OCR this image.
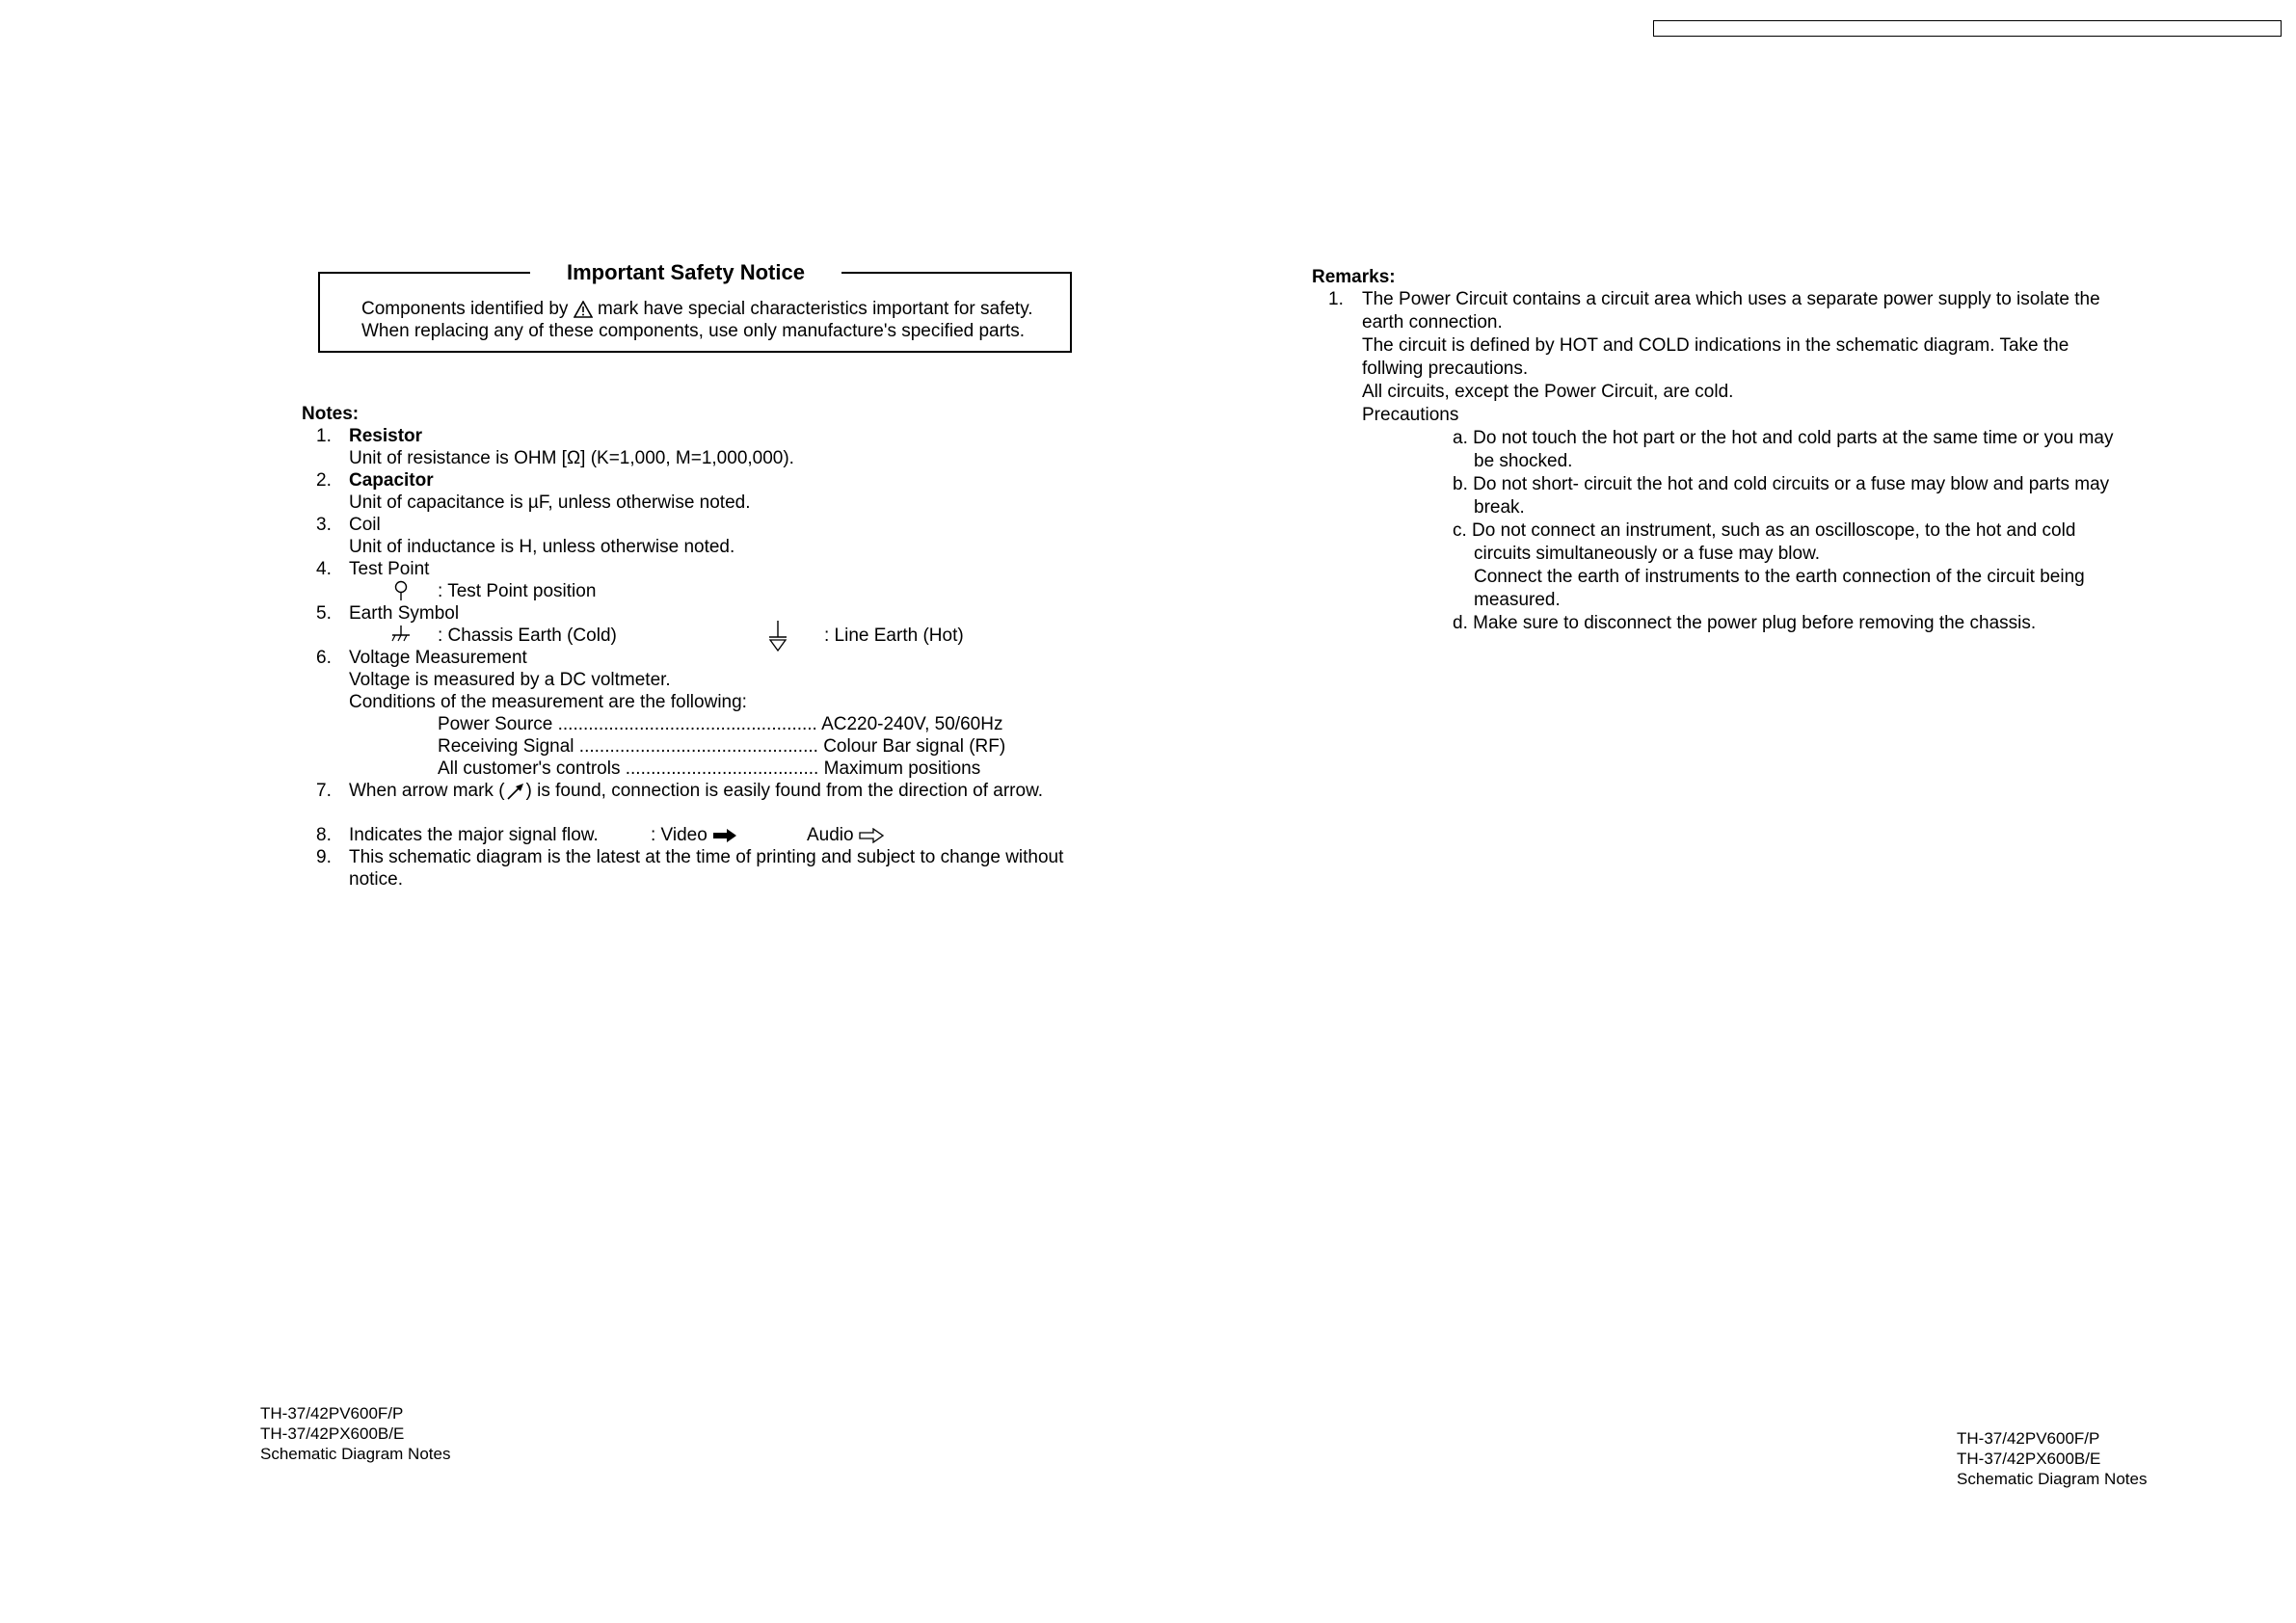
Important Safety Notice
Components identified by mark have special characteristics important for safety.
When replacing any of these components, use only manufacture's specified parts.
Notes:
1. Resistor
Unit of resistance is OHM [Ω] (K=1,000, M=1,000,000).
2. Capacitor
Unit of capacitance is µF, unless otherwise noted.
3. Coil
Unit of inductance is H, unless otherwise noted.
4. Test Point
: Test Point position
5. Earth Symbol
: Chassis Earth (Cold)	: Line Earth (Hot)
6. Voltage Measurement
Voltage is measured by a DC voltmeter.
Conditions of the measurement are the following:
Power Source ................................................... AC220-240V, 50/60Hz
Receiving Signal ............................................... Colour Bar signal (RF)
All customer's controls ...................................... Maximum positions
7. When arrow mark ( ) is found, connection is easily found from the direction of arrow.
8. Indicates the major signal flow.	: Video	Audio
9. This schematic diagram is the latest at the time of printing and subject to change without
notice.
Remarks:
1. The Power Circuit contains a circuit area which uses a separate power supply to isolate the
earth connection.
The circuit is defined by HOT and COLD indications in the schematic diagram. Take the
follwing precautions.
All circuits, except the Power Circuit, are cold.
Precautions
a. Do not touch the hot part or the hot and cold parts at the same time or you may
be shocked.
b. Do not short- circuit the hot and cold circuits or a fuse may blow and parts may
break.
c. Do not connect an instrument, such as an oscilloscope, to the hot and cold
circuits simultaneously or a fuse may blow.
Connect the earth of instruments to the earth connection of the circuit being
measured.
d. Make sure to disconnect the power plug before removing the chassis.
TH-37/42PV600F/P
TH-37/42PX600B/E
Schematic Diagram Notes
TH-37/42PV600F/P
TH-37/42PX600B/E
Schematic Diagram Notes
